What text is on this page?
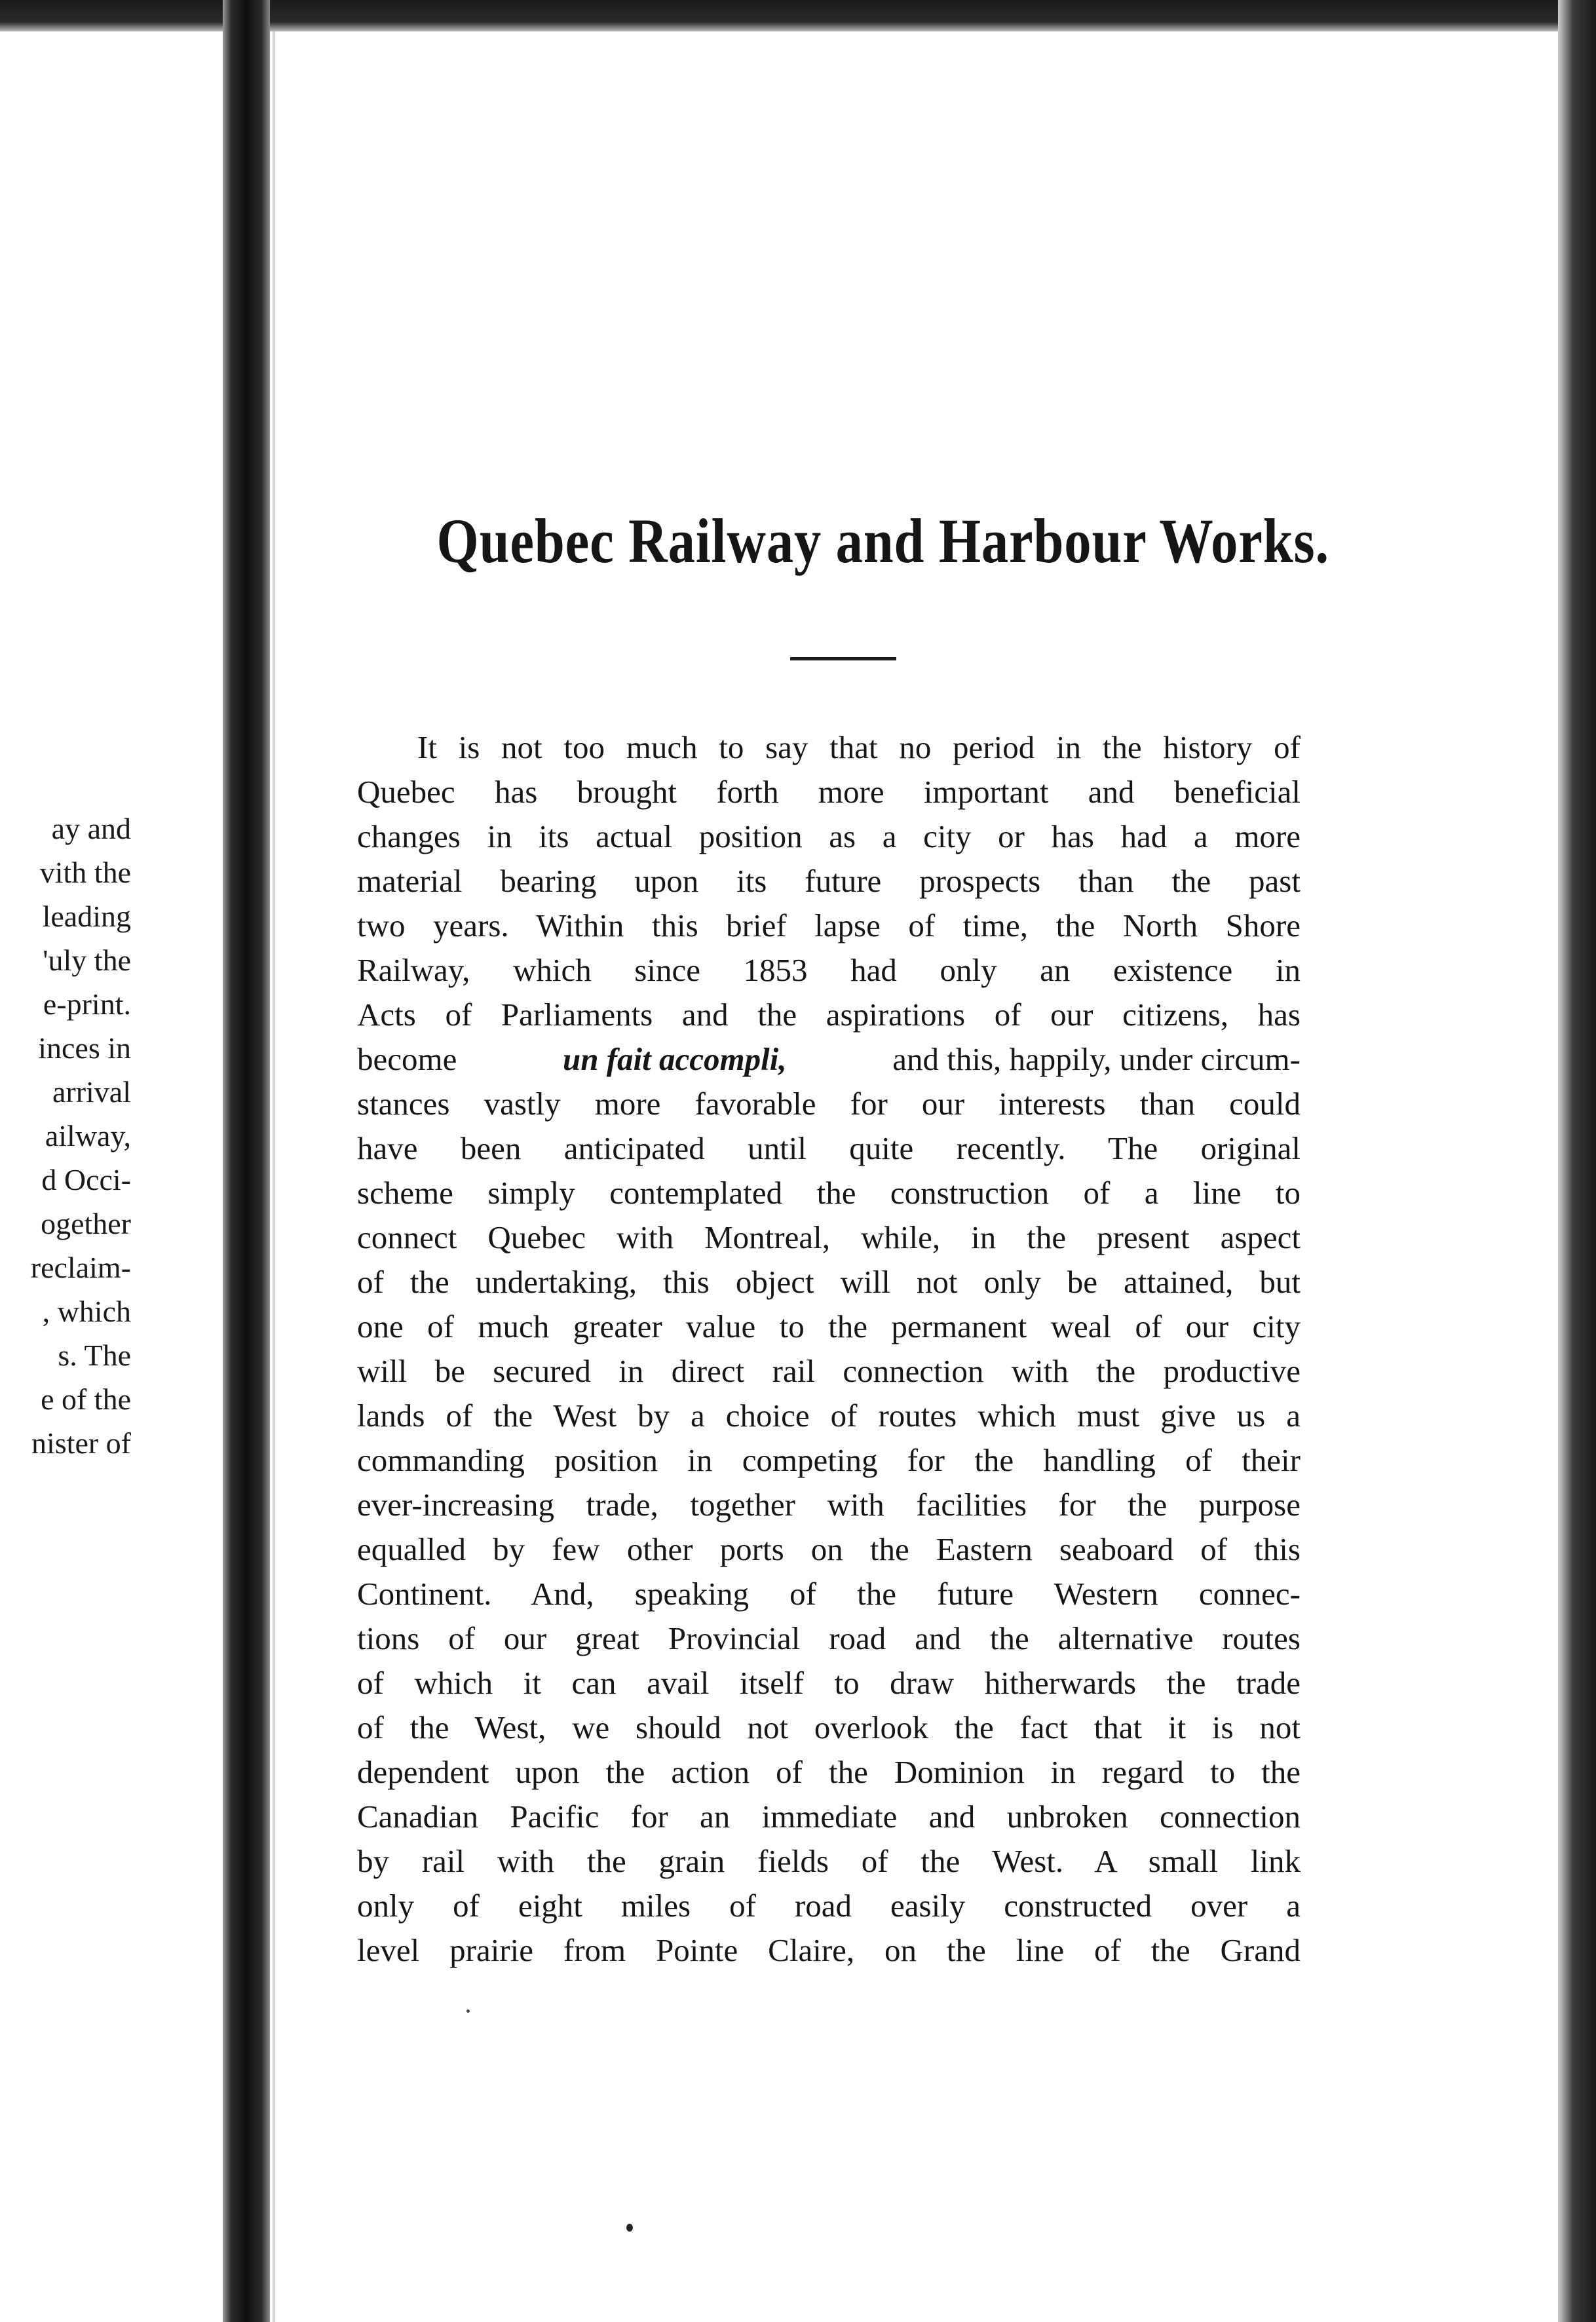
ay and
vith the
leading
'uly the
e-print.
inces in
arrival
ailway,
d Occi-
ogether
reclaim-
, which
s. The
e of the
nister of
Quebec Railway and Harbour Works.
It is not too much to say that no period in the history of
Quebec has brought forth more important and beneficial
changes in its actual position as a city or has had a more
material bearing upon its future prospects than the past
two years. Within this brief lapse of time, the North Shore
Railway, which since 1853 had only an existence in
Acts of Parliaments and the aspirations of our citizens, has
become	un fait accompli,	and this, happily, under circum-
stances vastly more favorable for our interests than could
have been anticipated until quite recently. The original
scheme simply contemplated the construction of a line to
connect Quebec with Montreal, while, in the present aspect
of the undertaking, this object will not only be attained, but
one of much greater value to the permanent weal of our city
will be secured in direct rail connection with the productive
lands of the West by a choice of routes which must give us a
commanding position in competing for the handling of their
ever-increasing trade, together with facilities for the purpose
equalled by few other ports on the Eastern seaboard of this
Continent. And, speaking of the future Western connec-
tions of our great Provincial road and the alternative routes
of which it can avail itself to draw hitherwards the trade
of the West, we should not overlook the fact that it is not
dependent upon the action of the Dominion in regard to the
Canadian Pacific for an immediate and unbroken connection
by rail with the grain fields of the West. A small link
only of eight miles of road easily constructed over a
level prairie from Pointe Claire, on the line of the Grand
